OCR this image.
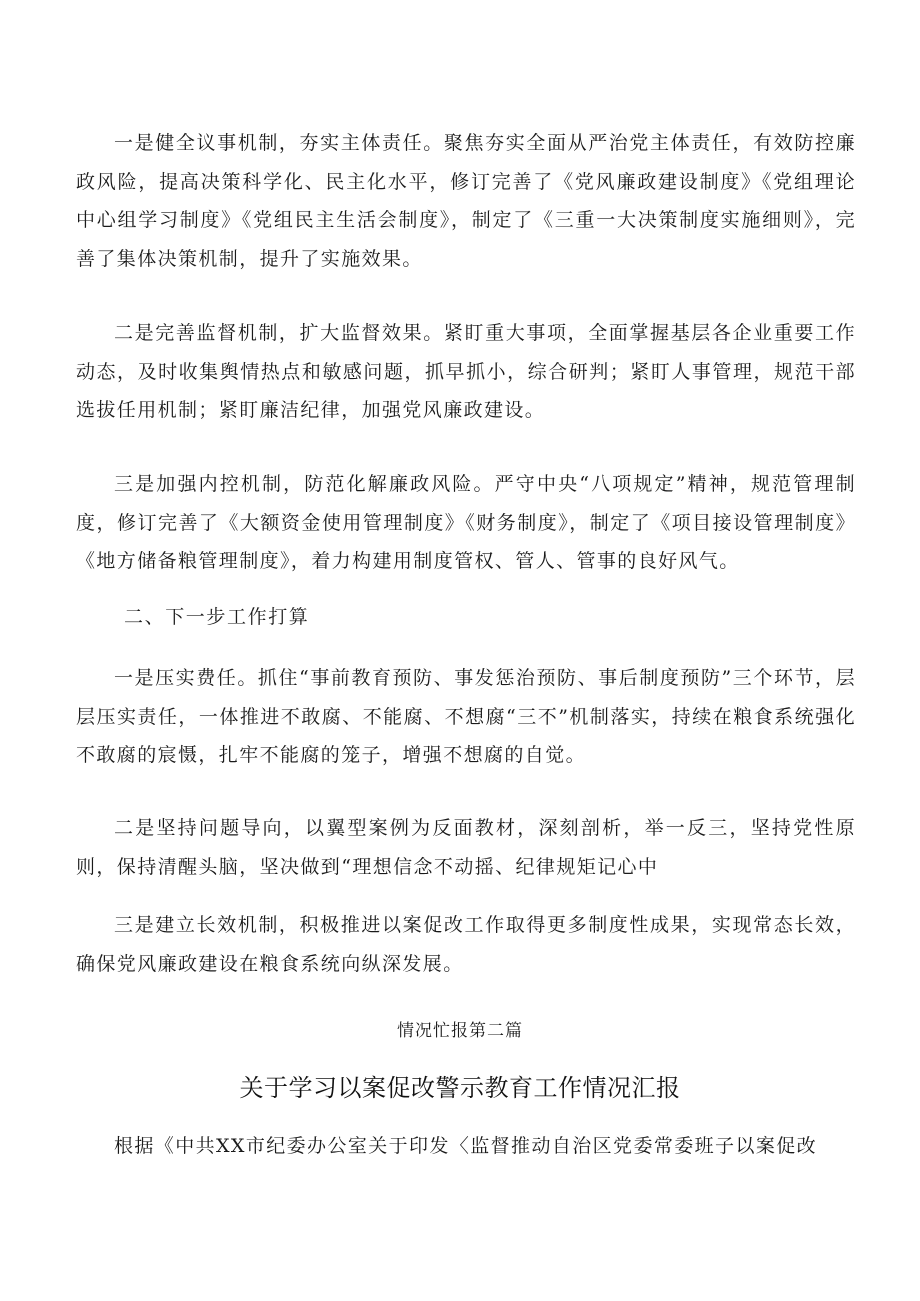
一是健全议事机制，夯实主体责任。聚焦夯实全面从严治党主体责任，有效防控廉政风险，提高决策科学化、民主化水平，修订完善了《党风廉政建设制度》《党组理论中心组学习制度》《党组民主生活会制度》，制定了《三重一大决策制度实施细则》，完善了集体决策机制，提升了实施效果。

二是完善监督机制，扩大监督效果。紧盯重大事项，全面掌握基层各企业重要工作动态，及时收集舆情热点和敏感问题，抓早抓小，综合研判；紧盯人事管理，规范干部选拔任用机制；紧盯廉洁纪律，加强党风廉政建设。

三是加强内控机制，防范化解廉政风险。严守中央“八项规定”精神，规范管理制度，修订完善了《大额资金使用管理制度》《财务制度》，制定了《项目接设管理制度》《地方储备粮管理制度》，着力构建用制度管权、管人、管事的良好风气。

二、下一步工作打算

一是压实费任。抓住“事前教育预防、事发惩治预防、事后制度预防”三个环节，层层压实责任，一体推进不敢腐、不能腐、不想腐“三不”机制落实，持续在粮食系统强化不敢腐的宸慑，扎牢不能腐的笼子，增强不想腐的自觉。

二是坚持问题导向，以翼型案例为反面教材，深刻剖析，举一反三，坚持党性原则，保持清醒头脑，坚决做到“理想信念不动摇、纪律规矩记心中

三是建立长效机制，积极推进以案促改工作取得更多制度性成果，实现常态长效，确保党风廉政建设在粮食系统向纵深发展。

情况忙报第二篇
关于学习以案促改警示教育工作情况汇报

根据《中共XX市纪委办公室关于印发〈监督推动自治区党委常委班子以案促改
